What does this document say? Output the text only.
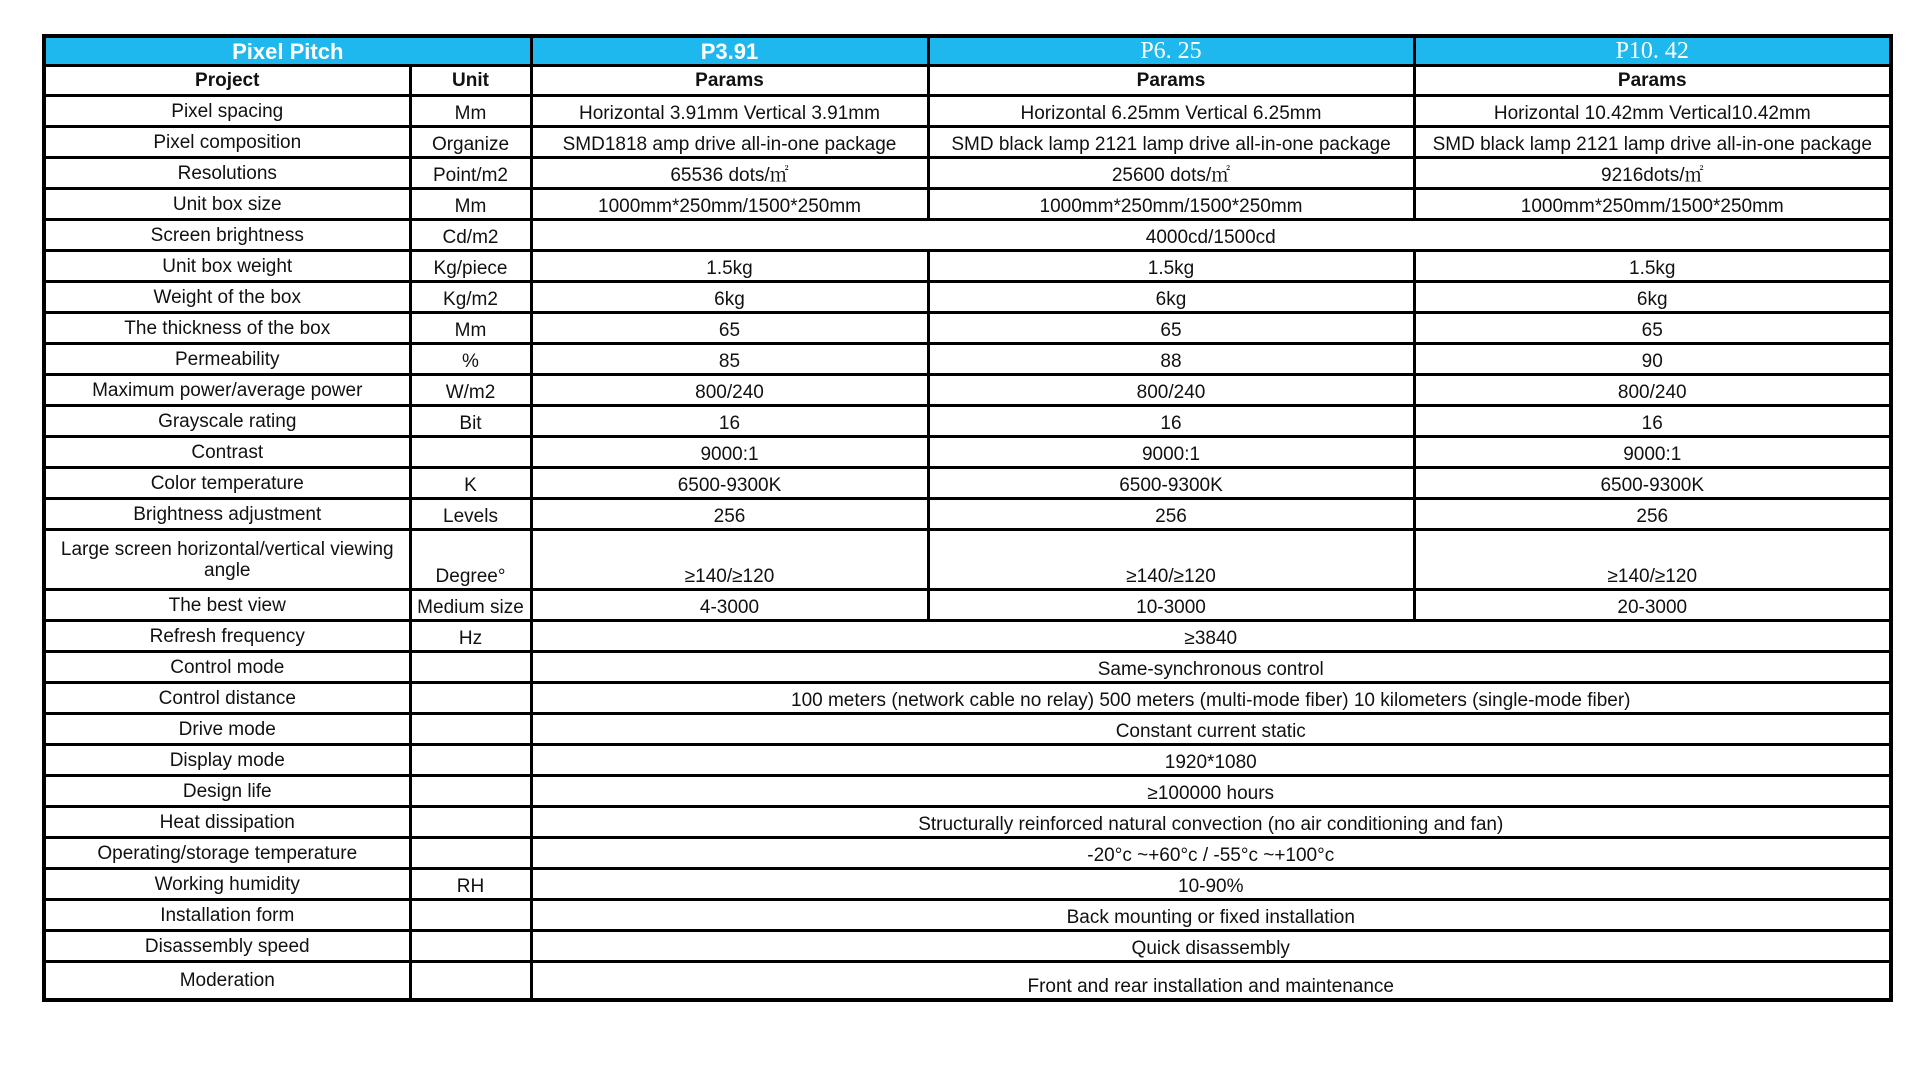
Pixel Pitch		P3.91	P6. 25	P10. 42
Project	Unit	Params	Params	Params
Pixel spacing	Mm	Horizontal 3.91mm Vertical 3.91mm	Horizontal 6.25mm Vertical 6.25mm	Horizontal 10.42mm Vertical10.42mm
Pixel composition	Organize	SMD1818 amp drive all-in-one package	SMD black lamp 2121 lamp drive all-in-one package	SMD black lamp 2121 lamp drive all-in-one package
Resolutions	Point/m2	65536 dots/㎡	25600 dots/㎡	9216dots/㎡
Unit box size	Mm	1000mm*250mm/1500*250mm	1000mm*250mm/1500*250mm	1000mm*250mm/1500*250mm
Screen brightness	Cd/m2	4000cd/1500cd		
Unit box weight	Kg/piece	1.5kg	1.5kg	1.5kg
Weight of the box	Kg/m2	6kg	6kg	6kg
The thickness of the box	Mm	65	65	65
Permeability	%	85	88	90
Maximum power/average power	W/m2	800/240	800/240	800/240
Grayscale rating	Bit	16	16	16
Contrast		9000:1	9000:1	9000:1
Color temperature	K	6500-9300K	6500-9300K	6500-9300K
Brightness adjustment	Levels	256	256	256
Large screen horizontal/vertical viewing angle	Degree°	≥140/≥120	≥140/≥120	≥140/≥120
The best view	Medium size	4-3000	10-3000	20-3000
Refresh frequency	Hz	≥3840		
Control mode		Same-synchronous control		
Control distance		100 meters (network cable no relay) 500 meters (multi-mode fiber) 10 kilometers (single-mode fiber)		
Drive mode		Constant current static		
Display mode		1920*1080		
Design life		≥100000 hours		
Heat dissipation		Structurally reinforced natural convection (no air conditioning and fan)		
Operating/storage temperature		-20°c ~+60°c / -55°c ~+100°c		
Working humidity	RH	10-90%		
Installation form		Back mounting or fixed installation		
Disassembly speed		Quick disassembly		
Moderation		Front and rear installation and maintenance		
